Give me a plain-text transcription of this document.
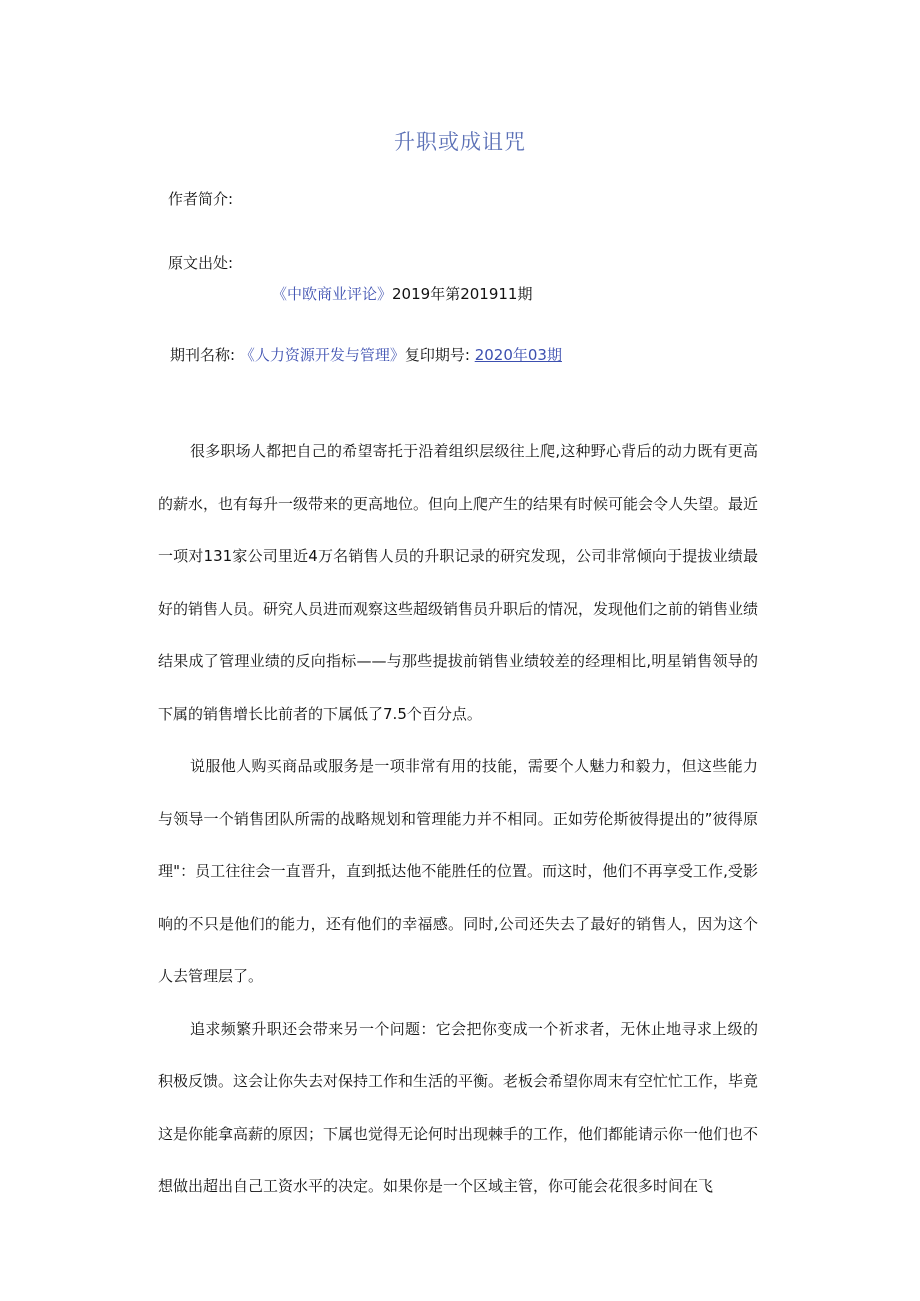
升职或成诅咒
作者简介:
原文出处:
《中欧商业评论》2019年第201911期
期刊名称: 《人力资源开发与管理》复印期号: 2020年03期

很多职场人都把自己的希望寄托于沿着组织层级往上爬,这种野心背后的动力既有更高的薪水，也有每升一级带来的更高地位。但向上爬产生的结果有时候可能会令人失望。最近一项对131家公司里近4万名销售人员的升职记录的研究发现，公司非常倾向于提拔业绩最好的销售人员。研究人员进而观察这些超级销售员升职后的情况，发现他们之前的销售业绩结果成了管理业绩的反向指标——与那些提拔前销售业绩较差的经理相比,明星销售领导的下属的销售增长比前者的下属低了7.5个百分点。

说服他人购买商品或服务是一项非常有用的技能，需要个人魅力和毅力，但这些能力与领导一个销售团队所需的战略规划和管理能力并不相同。正如劳伦斯彼得提出的”彼得原理"：员工往往会一直晋升，直到抵达他不能胜任的位置。而这时，他们不再享受工作,受影响的不只是他们的能力，还有他们的幸福感。同时,公司还失去了最好的销售人，因为这个人去管理层了。

追求频繁升职还会带来另一个问题：它会把你变成一个祈求者，无休止地寻求上级的积极反馈。这会让你失去对保持工作和生活的平衡。老板会希望你周末有空忙忙工作，毕竟这是你能拿高薪的原因；下属也觉得无论何时出现棘手的工作，他们都能请示你一他们也不想做出超出自己工资水平的决定。如果你是一个区域主管，你可能会花很多时间在飞
